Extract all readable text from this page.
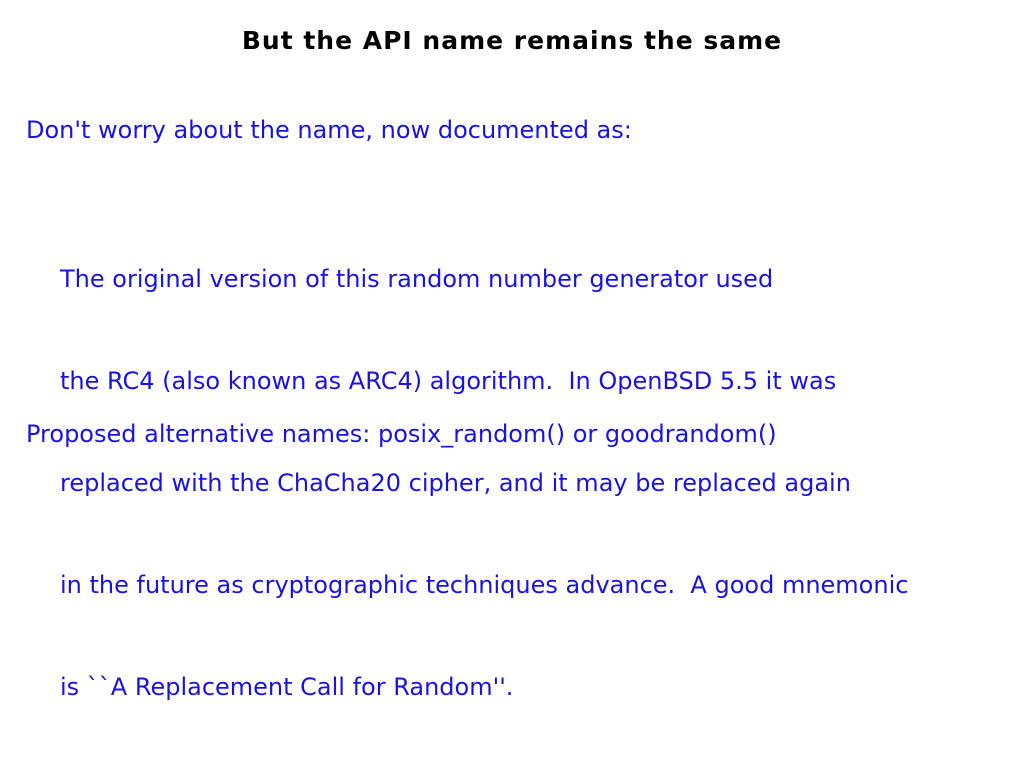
But the API name remains the same
Don't worry about the name, now documented as:

The original version of this random number generator used

the RC4 (also known as ARC4) algorithm.  In OpenBSD 5.5 it was

replaced with the ChaCha20 cipher, and it may be replaced again

in the future as cryptographic techniques advance.  A good mnemonic

is ``A Replacement Call for Random''.

Proposed alternative names: posix_random() or goodrandom()
